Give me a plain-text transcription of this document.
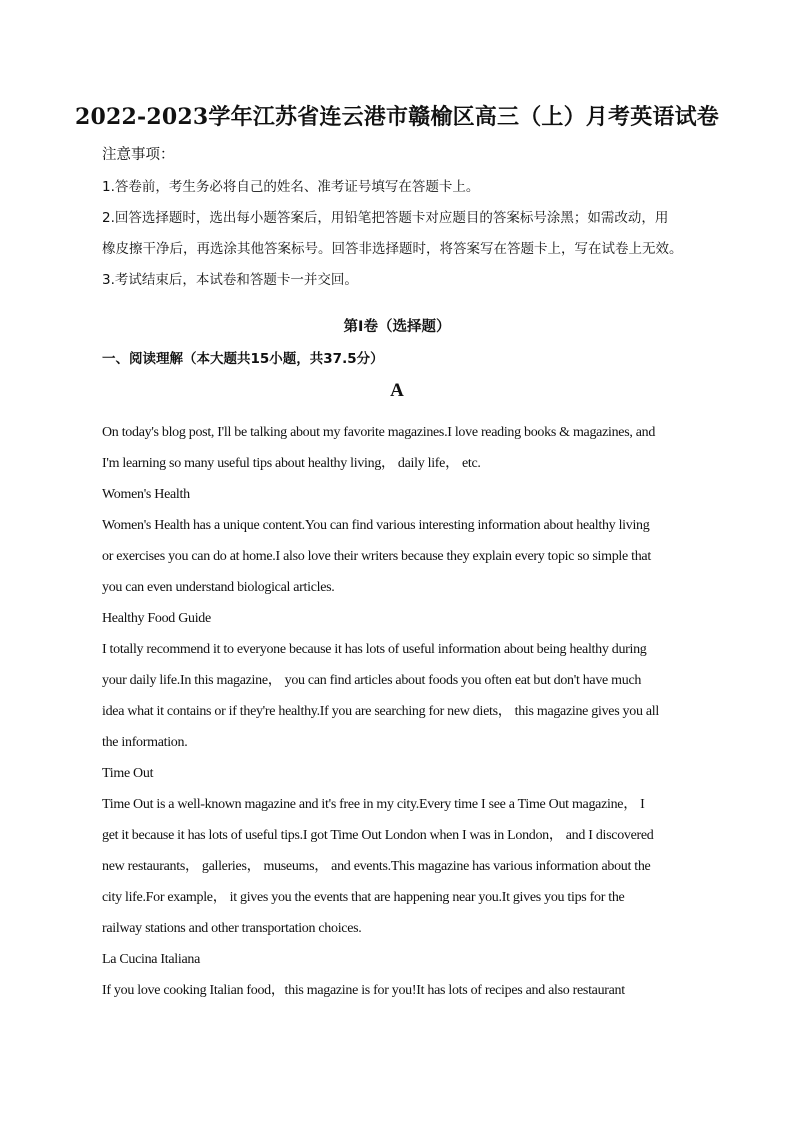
2022-2023学年江苏省连云港市赣榆区高三（上）月考英语试卷
注意事项：

1.答卷前，考生务必将自己的姓名、准考证号填写在答题卡上。

2.回答选择题时，选出每小题答案后，用铅笔把答题卡对应题目的答案标号涂黑；如需改动，用

橡皮擦干净后，再选涂其他答案标号。回答非选择题时，将答案写在答题卡上，写在试卷上无效。

3.考试结束后，本试卷和答题卡一并交回。

第Ⅰ卷（选择题）
一、阅读理解（本大题共15小题，共37.5分）
A

On today's blog post, I'll be talking about my favorite magazines.I love reading books & magazines, and

I'm learning so many useful tips about healthy living， daily life， etc.

Women's Health

Women's Health has a unique content.You can find various interesting information about healthy living

or exercises you can do at home.I also love their writers because they explain every topic so simple that

you can even understand biological articles.

Healthy Food Guide

I totally recommend it to everyone because it has lots of useful information about being healthy during

your daily life.In this magazine， you can find articles about foods you often eat but don't have much

idea what it contains or if they're healthy.If you are searching for new diets， this magazine gives you all

the information.

Time Out

Time Out is a well-known magazine and it's free in my city.Every time I see a Time Out magazine， I

get it because it has lots of useful tips.I got Time Out London when I was in London， and I discovered

new restaurants， galleries， museums， and events.This magazine has various information about the

city life.For example， it gives you the events that are happening near you.It gives you tips for the

railway stations and other transportation choices.

La Cucina Italiana

If you love cooking Italian food，this magazine is for you!It has lots of recipes and also restaurant
